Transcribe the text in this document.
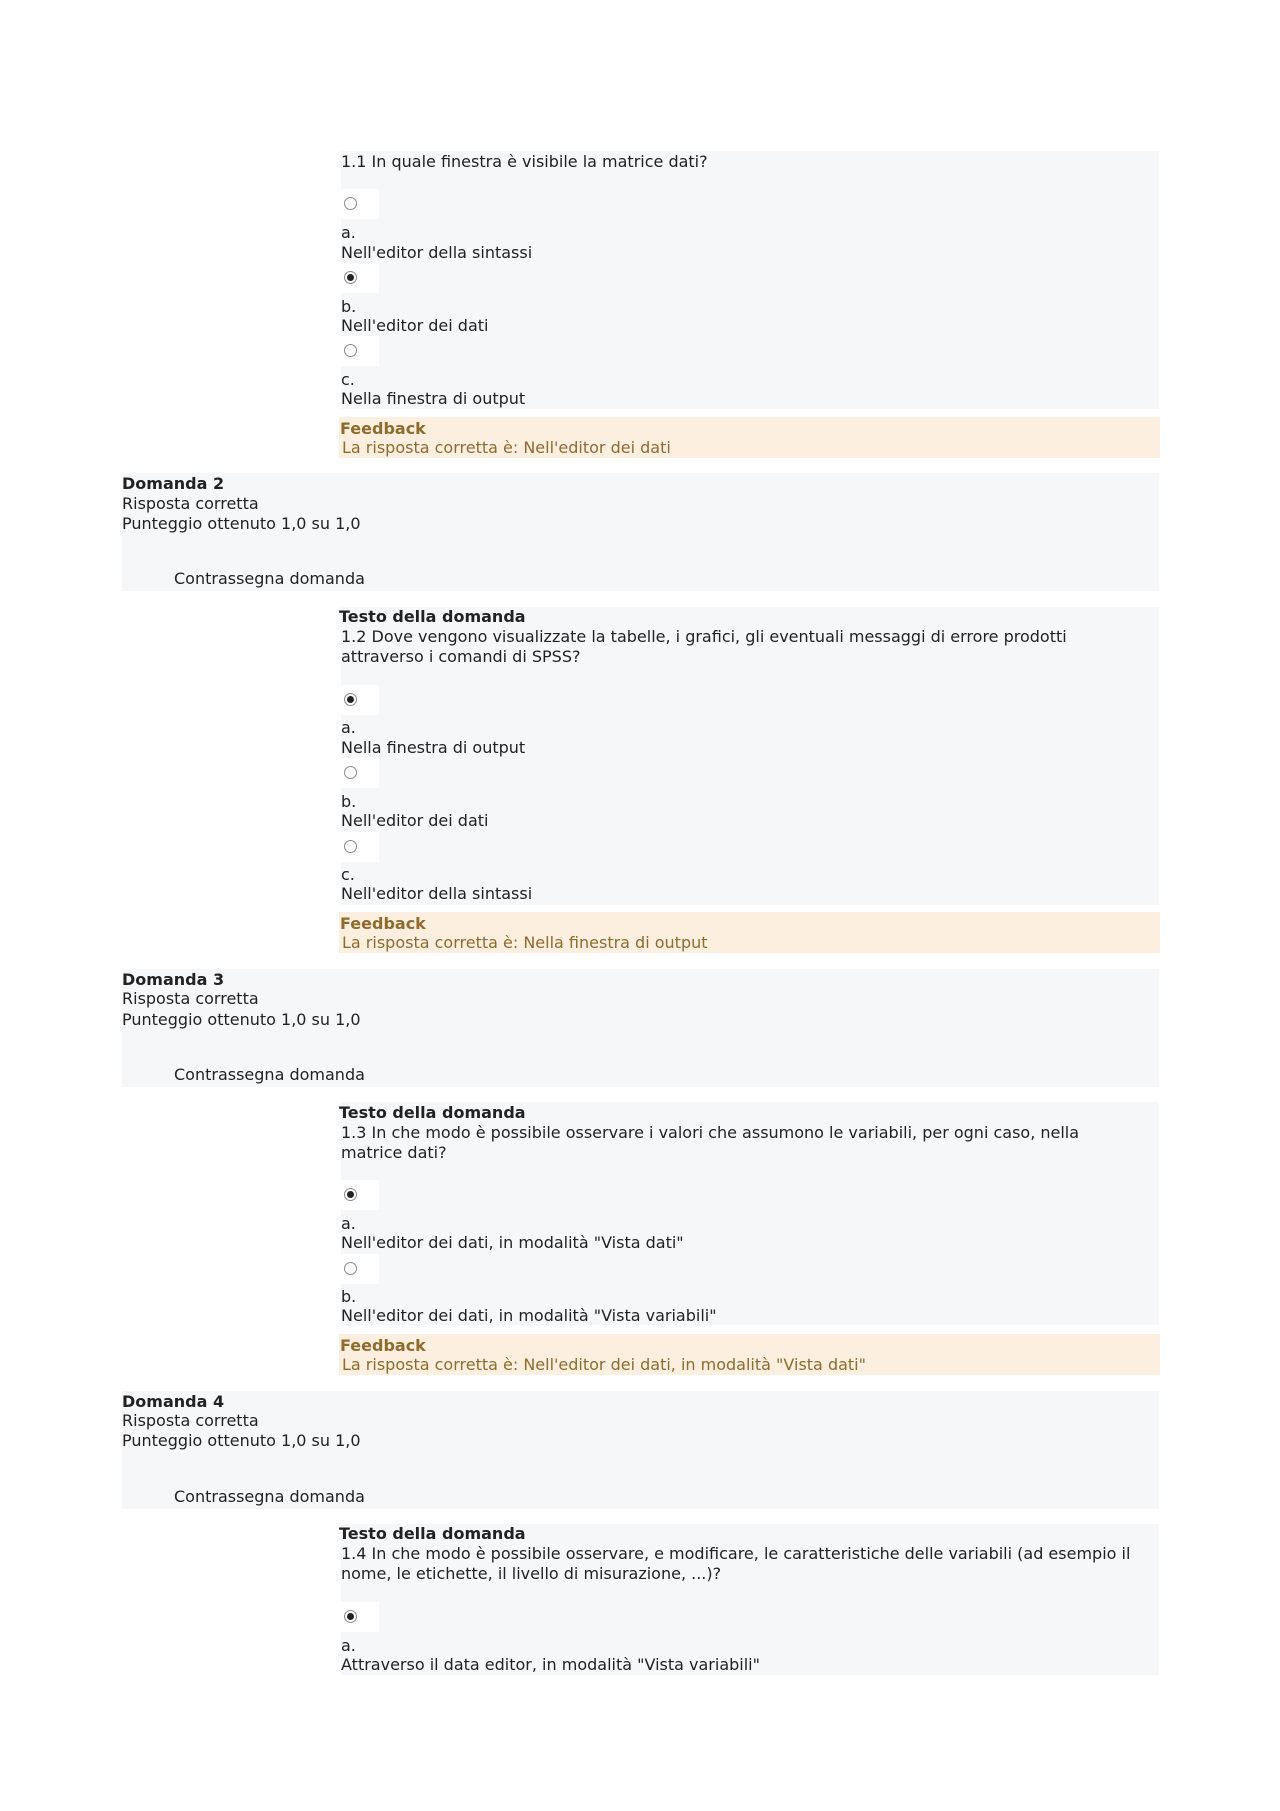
1.1 In quale finestra è visibile la matrice dati?
a.
Nell'editor della sintassi
b.
Nell'editor dei dati
c.
Nella finestra di output
Feedback
La risposta corretta è: Nell'editor dei dati
Domanda 2
Risposta corretta
Punteggio ottenuto 1,0 su 1,0
Contrassegna domanda
Testo della domanda
1.2 Dove vengono visualizzate la tabelle, i grafici, gli eventuali messaggi di errore prodotti attraverso i comandi di SPSS?
a.
Nella finestra di output
b.
Nell'editor dei dati
c.
Nell'editor della sintassi
Feedback
La risposta corretta è: Nella finestra di output
Domanda 3
Risposta corretta
Punteggio ottenuto 1,0 su 1,0
Contrassegna domanda
Testo della domanda
1.3 In che modo è possibile osservare i valori che assumono le variabili, per ogni caso, nella matrice dati?
a.
Nell'editor dei dati, in modalità "Vista dati"
b.
Nell'editor dei dati, in modalità "Vista variabili"
Feedback
La risposta corretta è: Nell'editor dei dati, in modalità "Vista dati"
Domanda 4
Risposta corretta
Punteggio ottenuto 1,0 su 1,0
Contrassegna domanda
Testo della domanda
1.4 In che modo è possibile osservare, e modificare, le caratteristiche delle variabili (ad esempio il nome, le etichette, il livello di misurazione, ...)?
a.
Attraverso il data editor, in modalità "Vista variabili"
